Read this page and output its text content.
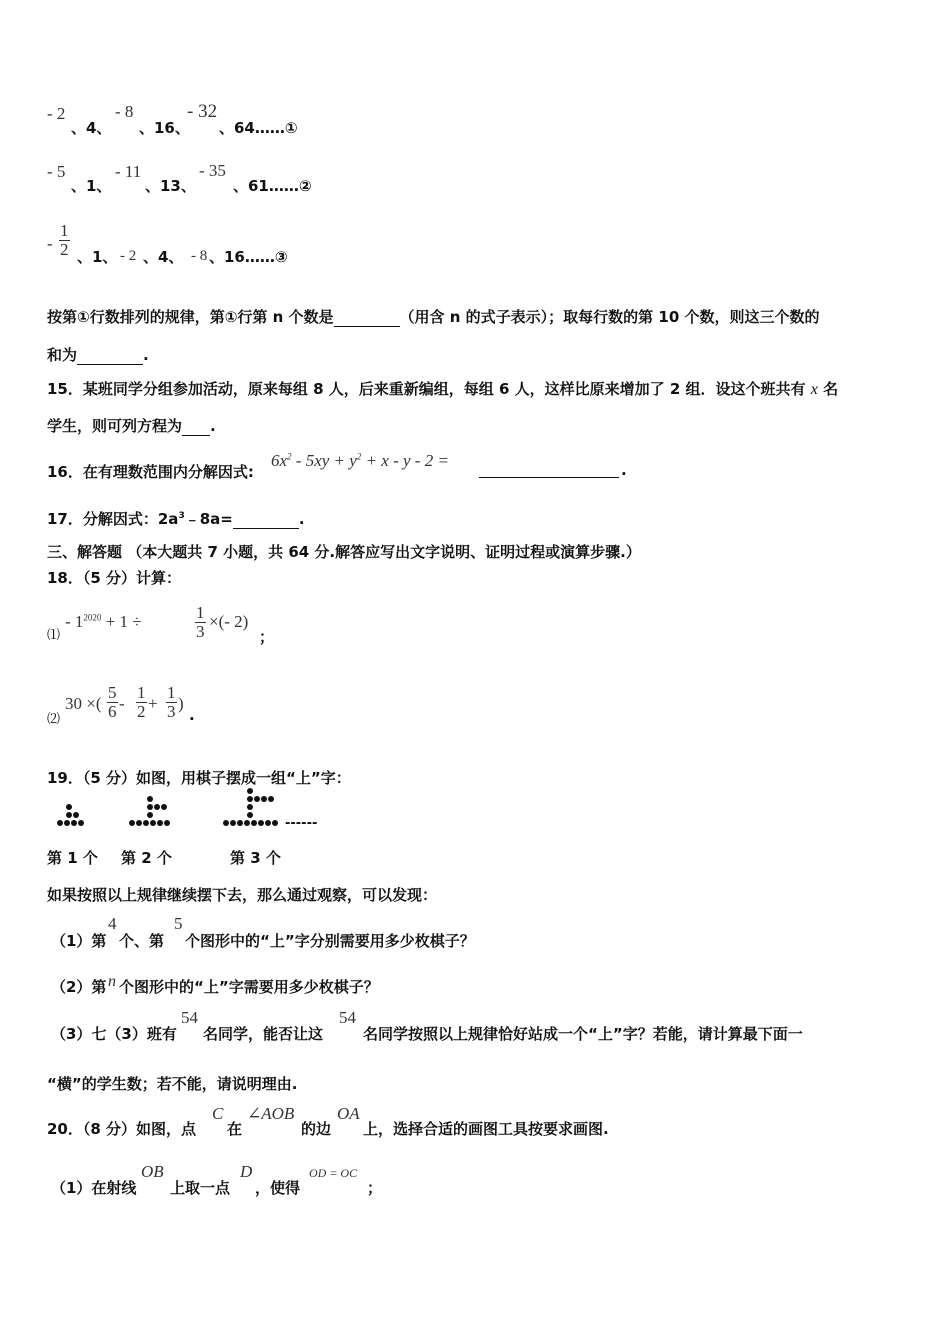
- 2
、4、
- 8
、16、
- 32
、64……①
- 5
、1、
- 11
、13、
- 35
、61……②
- $\frac{1}{2}$ 、1、 - 2 、4、 - 8 、16……③
按第①行数排列的规律，第①行第 n 个数是	（用含 n 的式子表示）；取每行数的第 10 个数，则这三个数的
和为	.
15．某班同学分组参加活动，原来每组 8 人，后来重新编组，每组 6 人，这样比原来增加了 2 组．设这个班共有 x 名
学生，则可列方程为 .
16．在有理数范围内分解因式:
$6x^2 - 5xy + y^2 + x - y - 2$ =	.
17．分解因式：$2a^3﹣8a=$	.
三、解答题 （本大题共 7 小题，共 64 分.解答应写出文字说明、证明过程或演算步骤.）
18．（5 分）计算：
⑴
- $1^{2020} + 1$ ÷	$\frac{1}{3}$ ×(- 2)
；
⑵
30 ×( $\frac{5}{6} - \frac{1}{2} + \frac{1}{3}$ )
.
19．（5 分）如图，用棋子摆成一组“上”字：
------
第 1 个 第 2 个	第 3 个
如果按照以上规律继续摆下去，那么通过观察，可以发现：
（1）第
4
个、第
5
个图形中的“上”字分别需要用多少枚棋子？
（2）第 n 个图形中的“上”字需要用多少枚棋子？
（3）七（3）班有
54
名同学，能否让这
54
名同学按照以上规律恰好站成一个“上”字？若能，请计算最下面一
“横”的学生数；若不能，请说明理由.
20．（8 分）如图，点
C
在
∠AOB
的边
OA
上，选择合适的画图工具按要求画图.
（1）在射线
OB
上取一点
D
，使得
OD = OC
；
